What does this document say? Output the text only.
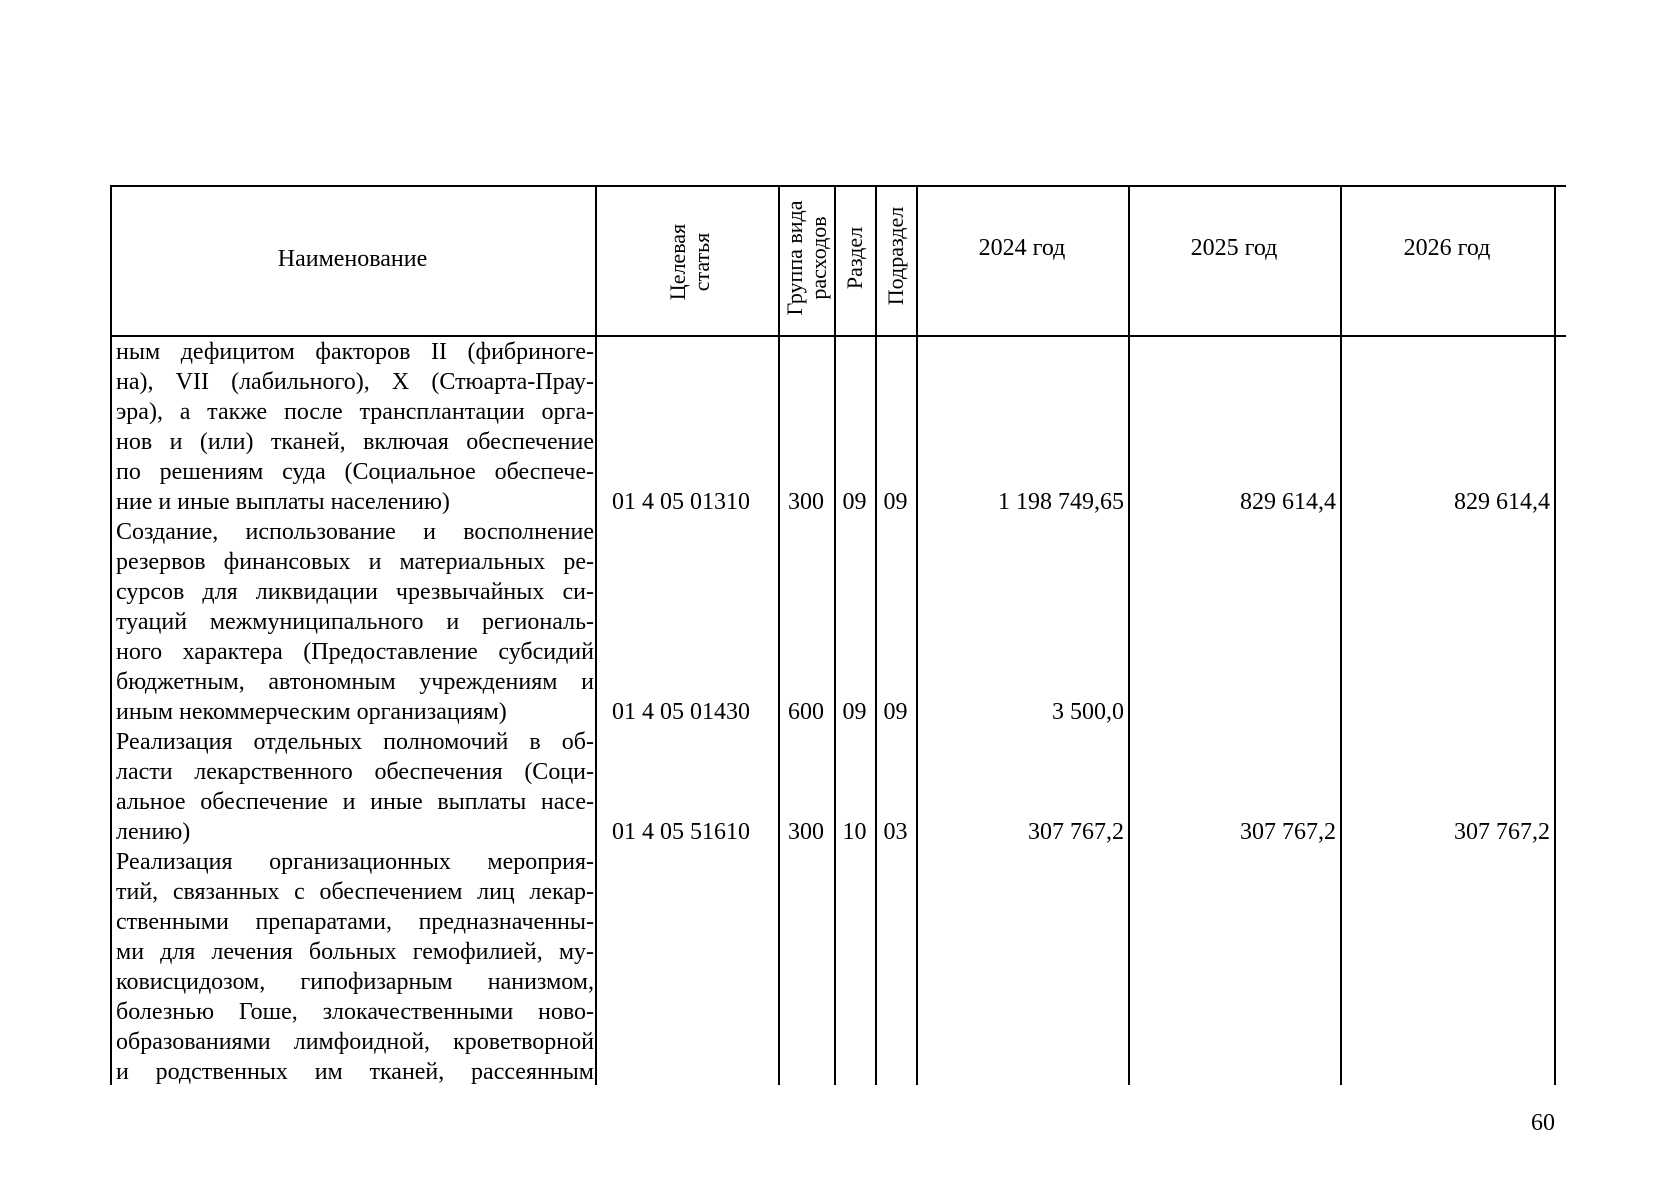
Наименование	Целевая статья	Группа вида расходов Раздел Подраздел	2024 год	2025 год	2026 год
ным дефицитом факторов II (фибриноге-
на), VII (лабильного), X (Стюарта-Прау-
эра), а также после трансплантации орга-
нов и (или) тканей, включая обеспечение
по решениям суда (Социальное обеспече-
ние и иные выплаты населению)	01 4 05 01310	300 09 09	1 198 749,65	829 614,4	829 614,4
Создание, использование и восполнение
резервов финансовых и материальных ре-
сурсов для ликвидации чрезвычайных си-
туаций межмуниципального и региональ-
ного характера (Предоставление субсидий
бюджетным, автономным учреждениям и
иным некоммерческим организациям)	01 4 05 01430	600 09 09	3 500,0
Реализация отдельных полномочий в об-
ласти лекарственного обеспечения (Соци-
альное обеспечение и иные выплаты насе-
лению)	01 4 05 51610	300 10 03	307 767,2	307 767,2	307 767,2
Реализация организационных мероприя-
тий, связанных с обеспечением лиц лекар-
ственными препаратами, предназначенны-
ми для лечения больных гемофилией, му-
ковисцидозом, гипофизарным нанизмом,
болезнью Гоше, злокачественными ново-
образованиями лимфоидной, кроветворной
и родственных им тканей, рассеянным
60
